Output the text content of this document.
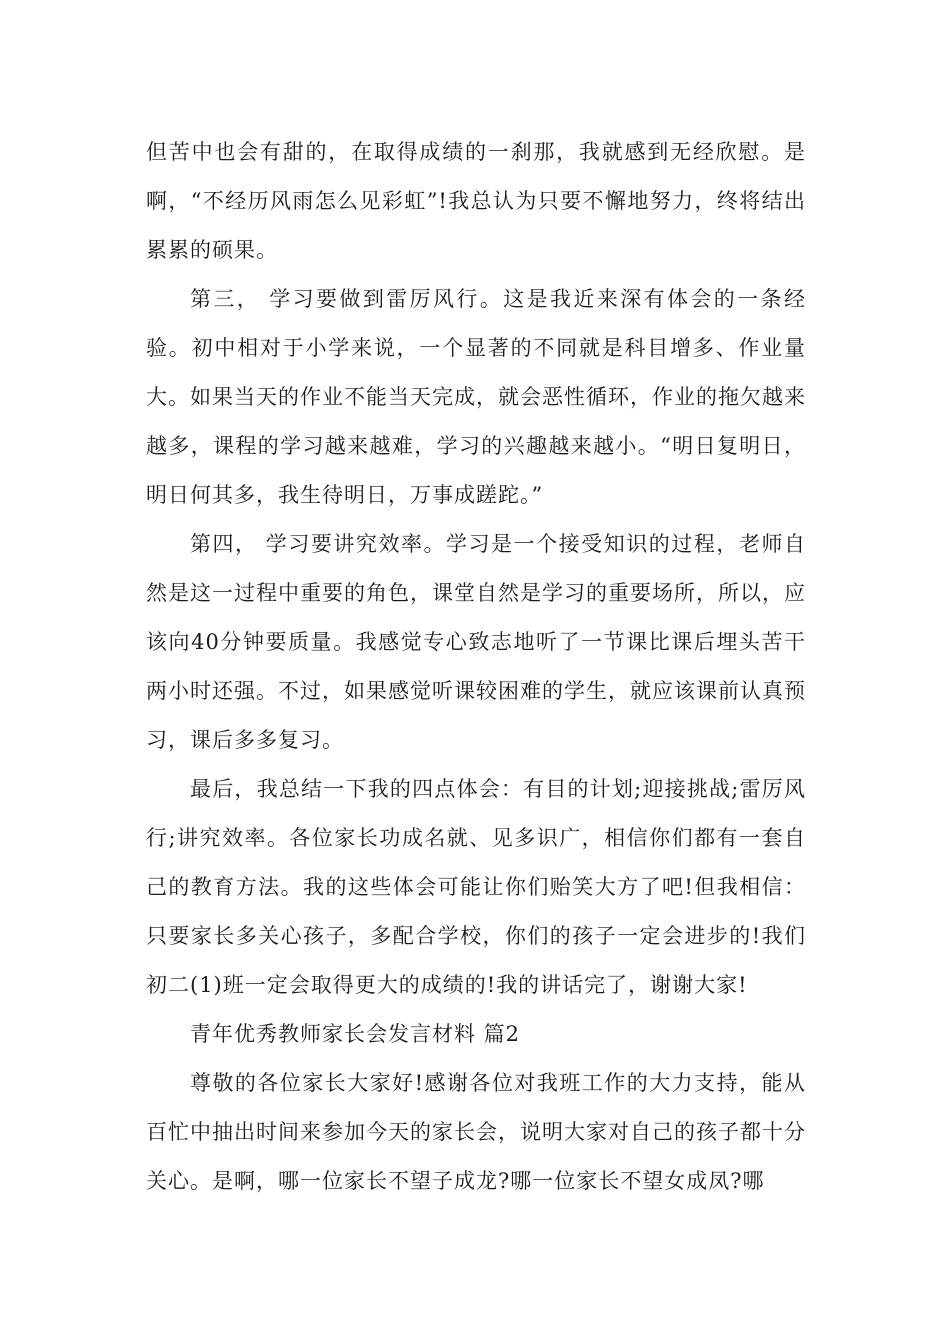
但苦中也会有甜的，在取得成绩的一刹那，我就感到无经欣慰。是啊，“不经历风雨怎么见彩虹”!我总认为只要不懈地努力，终将结出累累的硕果。

第三， 学习要做到雷厉风行。这是我近来深有体会的一条经验。初中相对于小学来说，一个显著的不同就是科目增多、作业量大。如果当天的作业不能当天完成，就会恶性循环，作业的拖欠越来越多，课程的学习越来越难，学习的兴趣越来越小。“明日复明日，明日何其多，我生待明日，万事成蹉跎。”

第四， 学习要讲究效率。学习是一个接受知识的过程，老师自然是这一过程中重要的角色，课堂自然是学习的重要场所，所以，应该向40分钟要质量。我感觉专心致志地听了一节课比课后埋头苦干两小时还强。不过，如果感觉听课较困难的学生，就应该课前认真预习，课后多多复习。

最后，我总结一下我的四点体会：有目的计划;迎接挑战;雷厉风行;讲究效率。各位家长功成名就、见多识广，相信你们都有一套自己的教育方法。我的这些体会可能让你们贻笑大方了吧!但我相信：只要家长多关心孩子，多配合学校，你们的孩子一定会进步的!我们初二(1)班一定会取得更大的成绩的!我的讲话完了，谢谢大家!

青年优秀教师家长会发言材料 篇2

尊敬的各位家长大家好!感谢各位对我班工作的大力支持，能从百忙中抽出时间来参加今天的家长会，说明大家对自己的孩子都十分关心。是啊，哪一位家长不望子成龙?哪一位家长不望女成凤?哪
